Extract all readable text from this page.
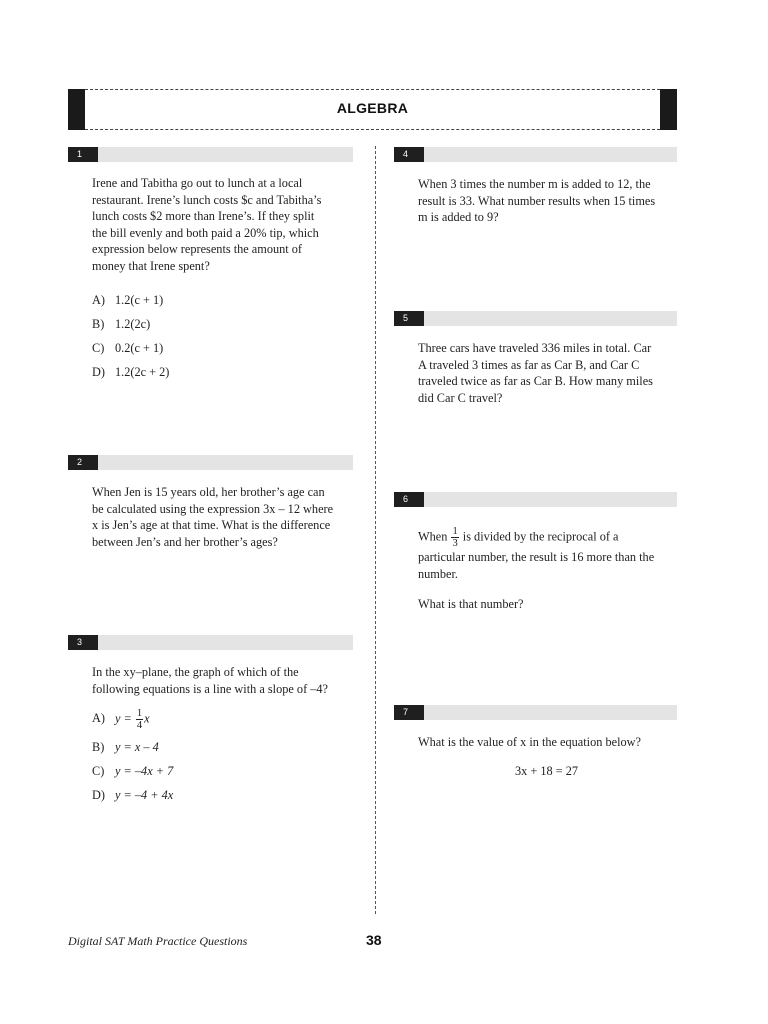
ALGEBRA
1
Irene and Tabitha go out to lunch at a local
restaurant. Irene’s lunch costs $c and Tabitha’s
lunch costs $2 more than Irene’s. If they split
the bill evenly and both paid a 20% tip, which
expression below represents the amount of
money that Irene spent?
A) 1.2(c + 1)
B) 1.2(2c)
C) 0.2(c + 1)
D) 1.2(2c + 2)
2
When Jen is 15 years old, her brother’s age can
be calculated using the expression 3x – 12 where
x is Jen’s age at that time. What is the difference
between Jen’s and her brother’s ages?
3
In the xy–plane, the graph of which of the
following equations is a line with a slope of –4?
A) $y = \frac{1}{4}$ x
B) y = x – 4
C) y = –4x + 7
D) y = –4 + 4x
4
When 3 times the number m is added to 12, the
result is 33. What number results when 15 times
m is added to 9?
5
Three cars have traveled 336 miles in total. Car
A traveled 3 times as far as Car B, and Car C
traveled twice as far as Car B. How many miles
did Car C travel?
6
When $\frac{1}{3}$ is divided by the reciprocal of a
particular number, the result is 16 more than the
number.
What is that number?
7
What is the value of x in the equation below?
3x + 18 = 27
Digital SAT Math Practice Questions	38
